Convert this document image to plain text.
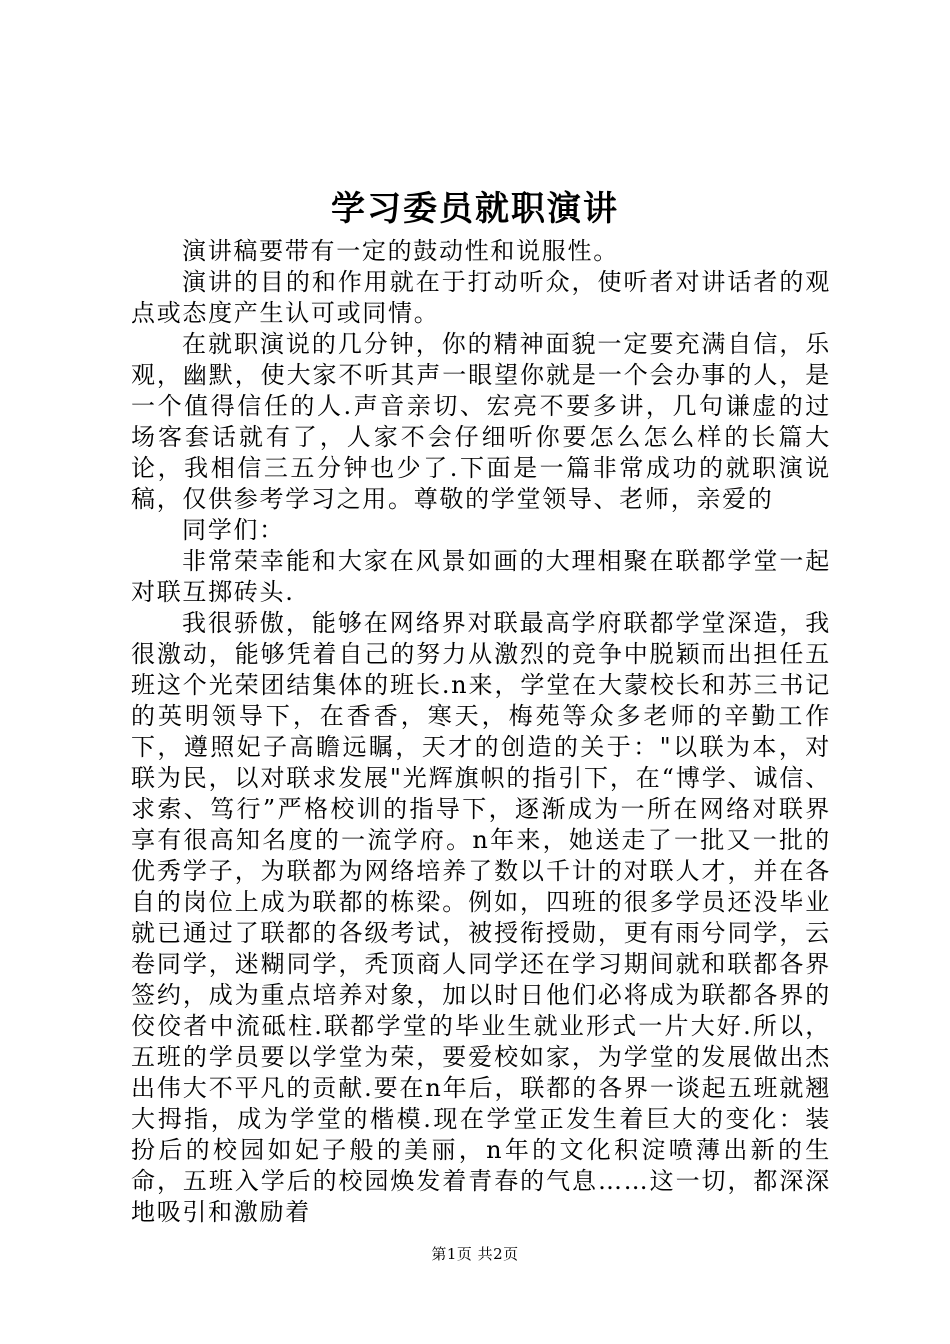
学习委员就职演讲

演讲稿要带有一定的鼓动性和说服性。

演讲的目的和作用就在于打动听众，使听者对讲话者的观点或态度产生认可或同情。

在就职演说的几分钟，你的精神面貌一定要充满自信，乐观，幽默，使大家不听其声一眼望你就是一个会办事的人，是一个值得信任的人.声音亲切、宏亮不要多讲，几句谦虚的过场客套话就有了，人家不会仔细听你要怎么怎么样的长篇大论，我相信三五分钟也少了.下面是一篇非常成功的就职演说稿，仅供参考学习之用。尊敬的学堂领导、老师，亲爱的

同学们：

非常荣幸能和大家在风景如画的大理相聚在联都学堂一起对联互掷砖头.

我很骄傲，能够在网络界对联最高学府联都学堂深造，我很激动，能够凭着自己的努力从激烈的竞争中脱颖而出担任五班这个光荣团结集体的班长.n来，学堂在大蒙校长和苏三书记的英明领导下，在香香，寒天，梅苑等众多老师的辛勤工作下，遵照妃子高瞻远瞩，天才的创造的关于："以联为本，对联为民，以对联求发展"光辉旗帜的指引下，在“博学、诚信、求索、笃行”严格校训的指导下，逐渐成为一所在网络对联界享有很高知名度的一流学府。n年来，她送走了一批又一批的优秀学子，为联都为网络培养了数以千计的对联人才，并在各自的岗位上成为联都的栋梁。例如，四班的很多学员还没毕业就已通过了联都的各级考试，被授衔授勋，更有雨兮同学，云卷同学，迷糊同学，秃顶商人同学还在学习期间就和联都各界签约，成为重点培养对象，加以时日他们必将成为联都各界的佼佼者中流砥柱.联都学堂的毕业生就业形式一片大好.所以，五班的学员要以学堂为荣，要爱校如家，为学堂的发展做出杰出伟大不平凡的贡献.要在n年后，联都的各界一谈起五班就翘大拇指，成为学堂的楷模.现在学堂正发生着巨大的变化：装扮后的校园如妃子般的美丽，n年的文化积淀喷薄出新的生命，五班入学后的校园焕发着青春的气息……这一切，都深深地吸引和激励着

第1页 共2页
